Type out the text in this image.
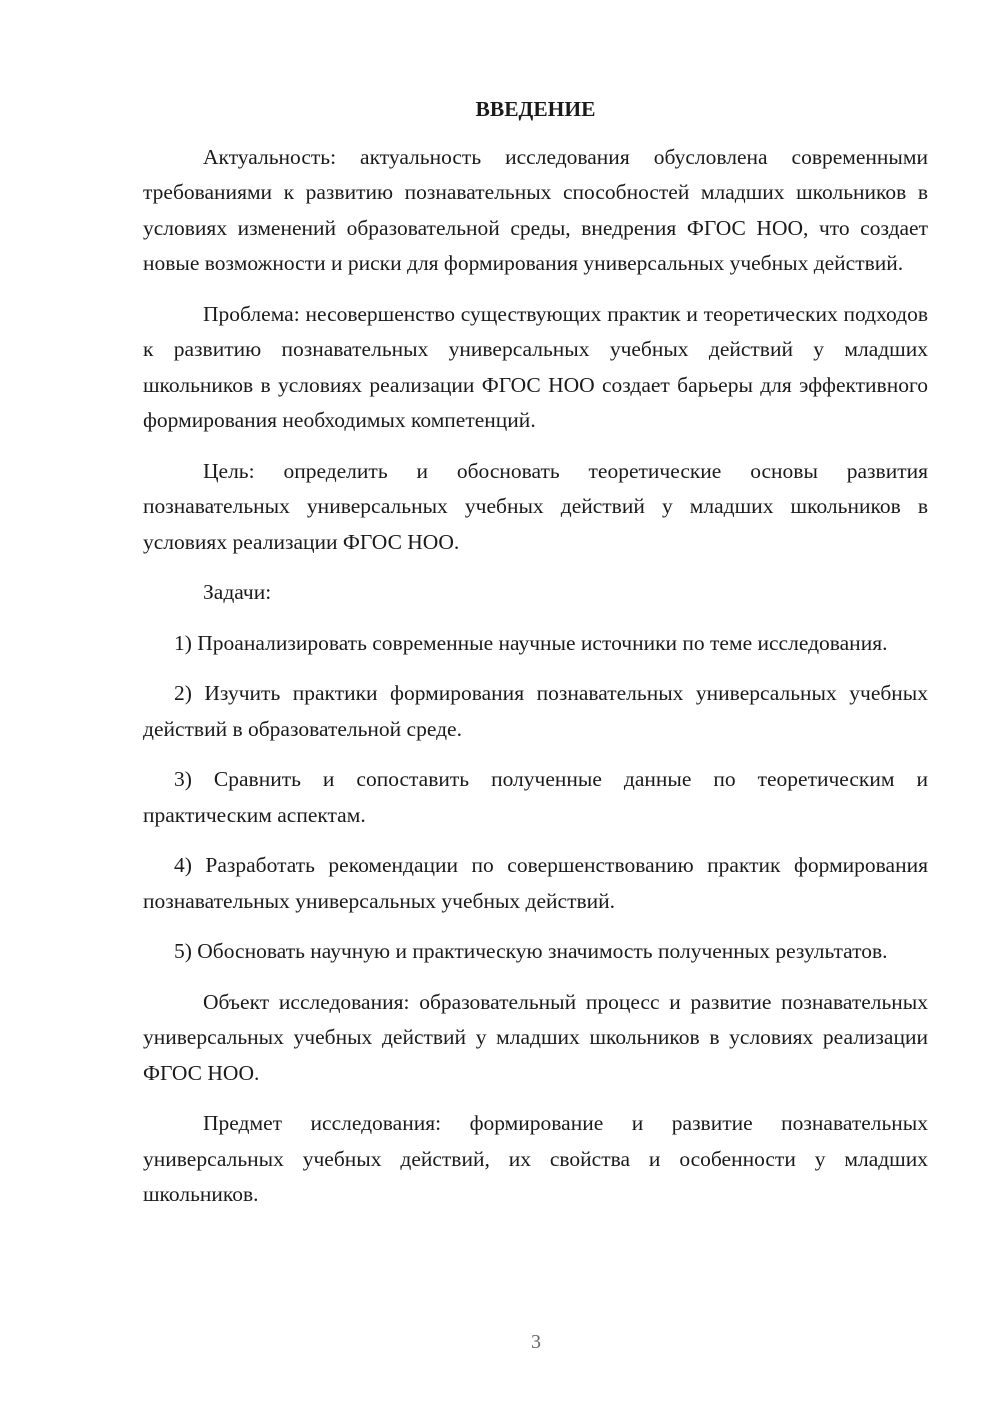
ВВЕДЕНИЕ

Актуальность: актуальность исследования обусловлена современными требованиями к развитию познавательных способностей младших школьников в условиях изменений образовательной среды, внедрения ФГОС НОО, что создает новые возможности и риски для формирования универсальных учебных действий.

Проблема: несовершенство существующих практик и теоретических подходов к развитию познавательных универсальных учебных действий у младших школьников в условиях реализации ФГОС НОО создает барьеры для эффективного формирования необходимых компетенций.

Цель: определить и обосновать теоретические основы развития познавательных универсальных учебных действий у младших школьников в условиях реализации ФГОС НОО.

Задачи:

1) Проанализировать современные научные источники по теме исследования.

2) Изучить практики формирования познавательных универсальных учебных действий в образовательной среде.

3) Сравнить и сопоставить полученные данные по теоретическим и практическим аспектам.

4) Разработать рекомендации по совершенствованию практик формирования познавательных универсальных учебных действий.

5) Обосновать научную и практическую значимость полученных результатов.

Объект исследования: образовательный процесс и развитие познавательных универсальных учебных действий у младших школьников в условиях реализации ФГОС НОО.

Предмет исследования: формирование и развитие познавательных универсальных учебных действий, их свойства и особенности у младших школьников.

3
